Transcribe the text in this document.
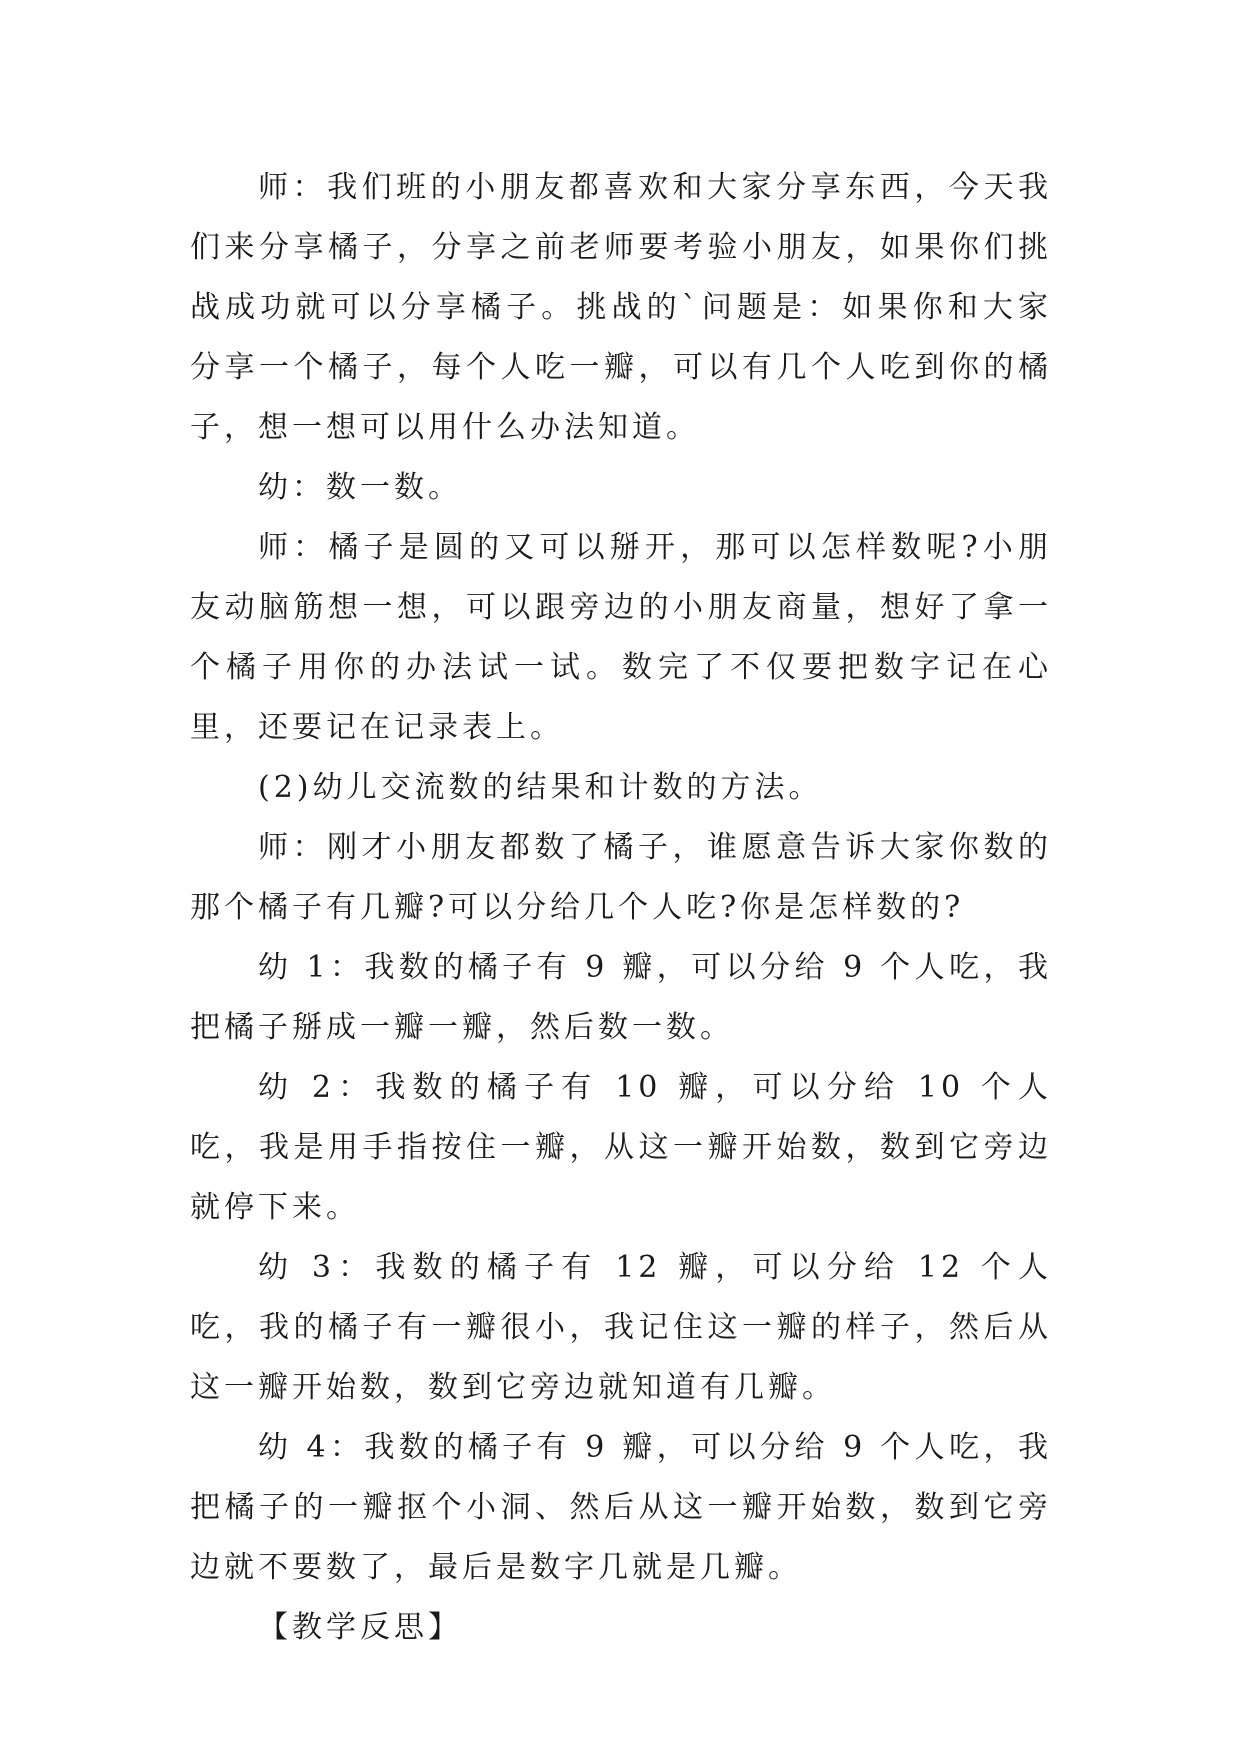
师：我们班的小朋友都喜欢和大家分享东西，今天我们来分享橘子，分享之前老师要考验小朋友，如果你们挑战成功就可以分享橘子。挑战的`问题是：如果你和大家分享一个橘子，每个人吃一瓣，可以有几个人吃到你的橘子，想一想可以用什么办法知道。

幼：数一数。

师：橘子是圆的又可以掰开，那可以怎样数呢?小朋友动脑筋想一想，可以跟旁边的小朋友商量，想好了拿一个橘子用你的办法试一试。数完了不仅要把数字记在心里，还要记在记录表上。

(2)幼儿交流数的结果和计数的方法。

师：刚才小朋友都数了橘子，谁愿意告诉大家你数的那个橘子有几瓣?可以分给几个人吃?你是怎样数的?

幼 1：我数的橘子有 9 瓣，可以分给 9 个人吃，我把橘子掰成一瓣一瓣，然后数一数。

幼 2：我数的橘子有 10 瓣，可以分给 10 个人吃，我是用手指按住一瓣，从这一瓣开始数，数到它旁边就停下来。

幼 3：我数的橘子有 12 瓣，可以分给 12 个人吃，我的橘子有一瓣很小，我记住这一瓣的样子，然后从这一瓣开始数，数到它旁边就知道有几瓣。

幼 4：我数的橘子有 9 瓣，可以分给 9 个人吃，我把橘子的一瓣抠个小洞、然后从这一瓣开始数，数到它旁边就不要数了，最后是数字几就是几瓣。

【教学反思】
